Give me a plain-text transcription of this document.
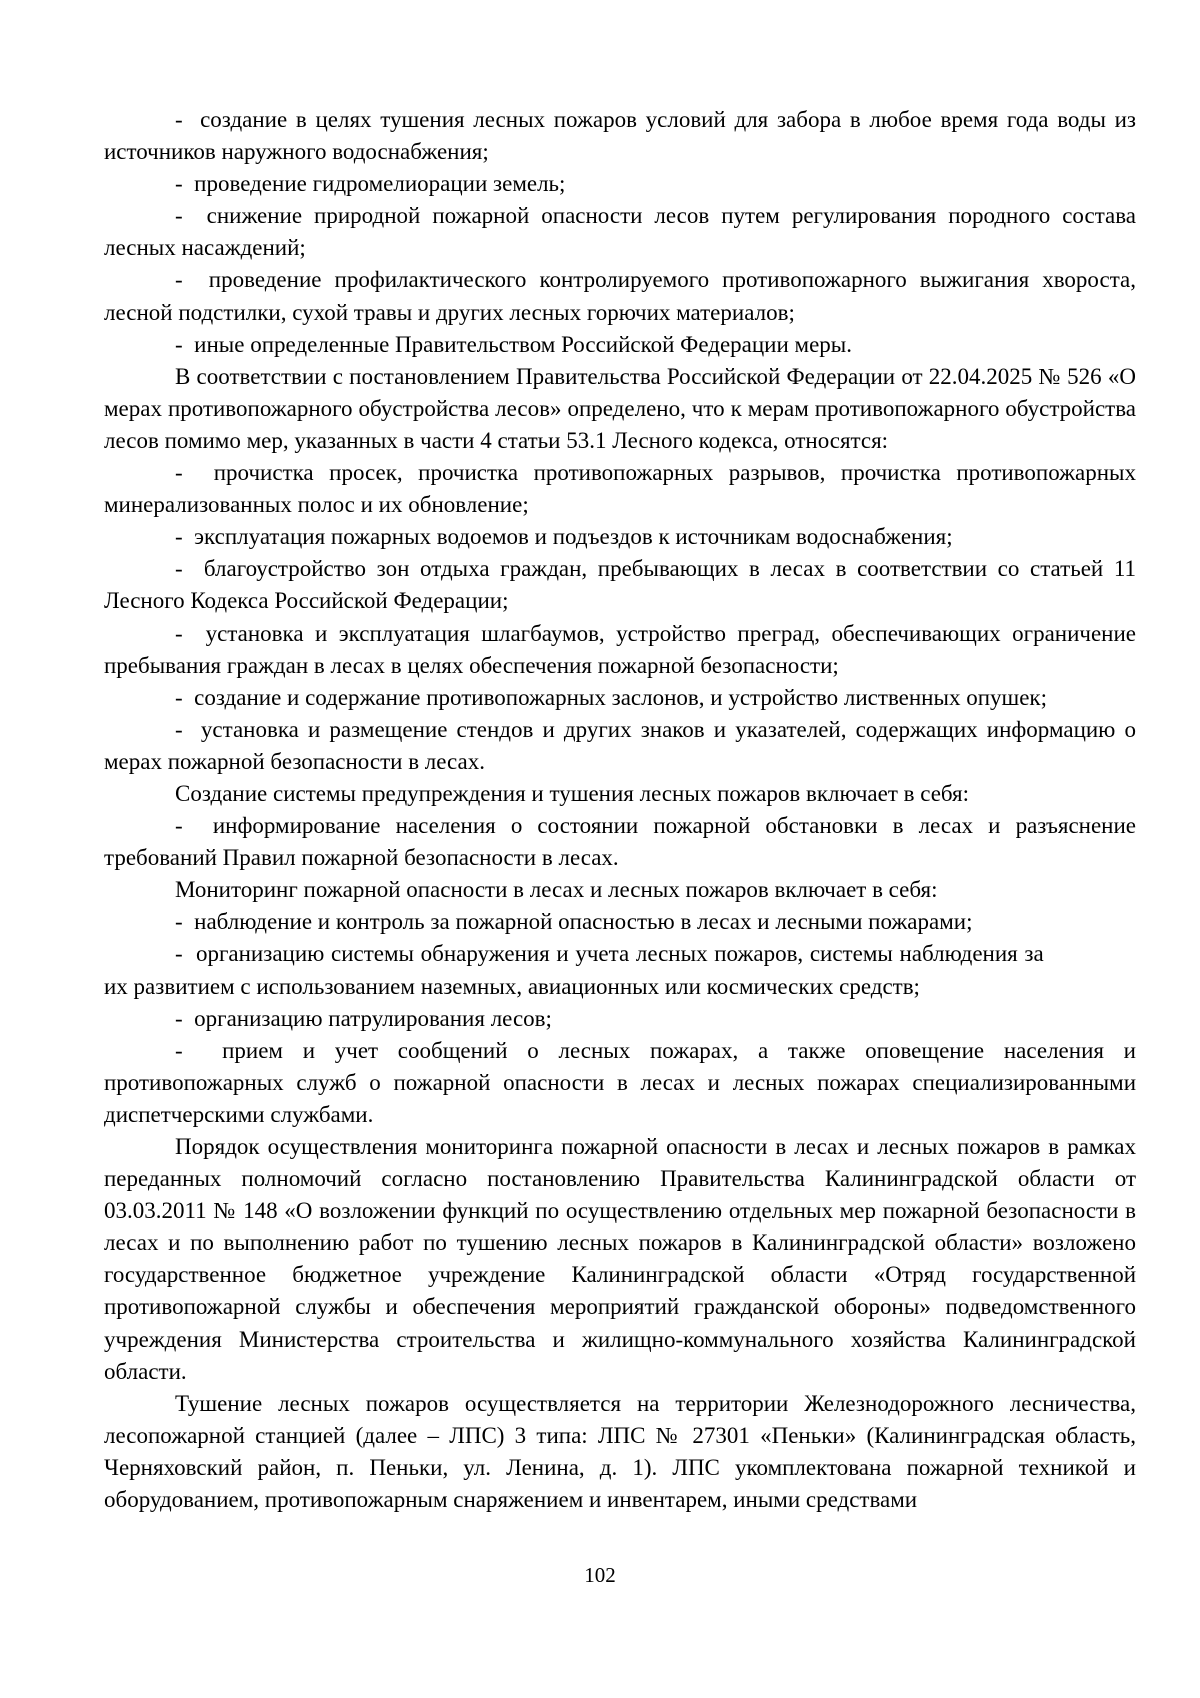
-  создание в целях тушения лесных пожаров условий для забора в любое время года воды из источников наружного водоснабжения;

-  проведение гидромелиорации земель;

-  снижение природной пожарной опасности лесов путем регулирования породного состава лесных насаждений;

-  проведение профилактического контролируемого противопожарного выжигания хвороста, лесной подстилки, сухой травы и других лесных горючих материалов;

-  иные определенные Правительством Российской Федерации меры.

В соответствии с постановлением Правительства Российской Федерации от 22.04.2025 № 526 «О мерах противопожарного обустройства лесов» определено, что к мерам противопожарного обустройства лесов помимо мер, указанных в части 4 статьи 53.1 Лесного кодекса, относятся:

-  прочистка просек, прочистка противопожарных разрывов, прочистка противопожарных минерализованных полос и их обновление;

-  эксплуатация пожарных водоемов и подъездов к источникам водоснабжения;

-  благоустройство зон отдыха граждан, пребывающих в лесах в соответствии со статьей 11 Лесного Кодекса Российской Федерации;

-  установка и эксплуатация шлагбаумов, устройство преград, обеспечивающих ограничение пребывания граждан в лесах в целях обеспечения пожарной безопасности;

-  создание и содержание противопожарных заслонов, и устройство лиственных опушек;

-  установка и размещение стендов и других знаков и указателей, содержащих информацию о мерах пожарной безопасности в лесах.

Создание системы предупреждения и тушения лесных пожаров включает в себя:

-  информирование населения о состоянии пожарной обстановки в лесах и разъяснение требований Правил пожарной безопасности в лесах.

Мониторинг пожарной опасности в лесах и лесных пожаров включает в себя:

-  наблюдение и контроль за пожарной опасностью в лесах и лесными пожарами;

-  организацию системы обнаружения и учета лесных пожаров, системы наблюдения за               их развитием с использованием наземных, авиационных или космических средств;

-  организацию патрулирования лесов;

-  прием и учет сообщений о лесных пожарах, а также оповещение населения и противопожарных служб о пожарной опасности в лесах и лесных пожарах специализированными диспетчерскими службами.

Порядок осуществления мониторинга пожарной опасности в лесах и лесных пожаров в рамках переданных полномочий согласно постановлению Правительства Калининградской области от 03.03.2011 № 148 «О возложении функций по осуществлению отдельных мер пожарной безопасности в лесах и по выполнению работ по тушению лесных пожаров в Калининградской области» возложено государственное бюджетное учреждение Калининградской области «Отряд государственной противопожарной службы и обеспечения мероприятий гражданской обороны» подведомственного учреждения Министерства строительства и жилищно-коммунального хозяйства Калининградской области.

Тушение лесных пожаров осуществляется на территории Железнодорожного лесничества, лесопожарной станцией (далее – ЛПС) 3 типа: ЛПС № 27301 «Пеньки» (Калининградская область, Черняховский район, п. Пеньки, ул. Ленина, д. 1). ЛПС укомплектована пожарной техникой и оборудованием, противопожарным снаряжением и инвентарем, иными средствами

102
